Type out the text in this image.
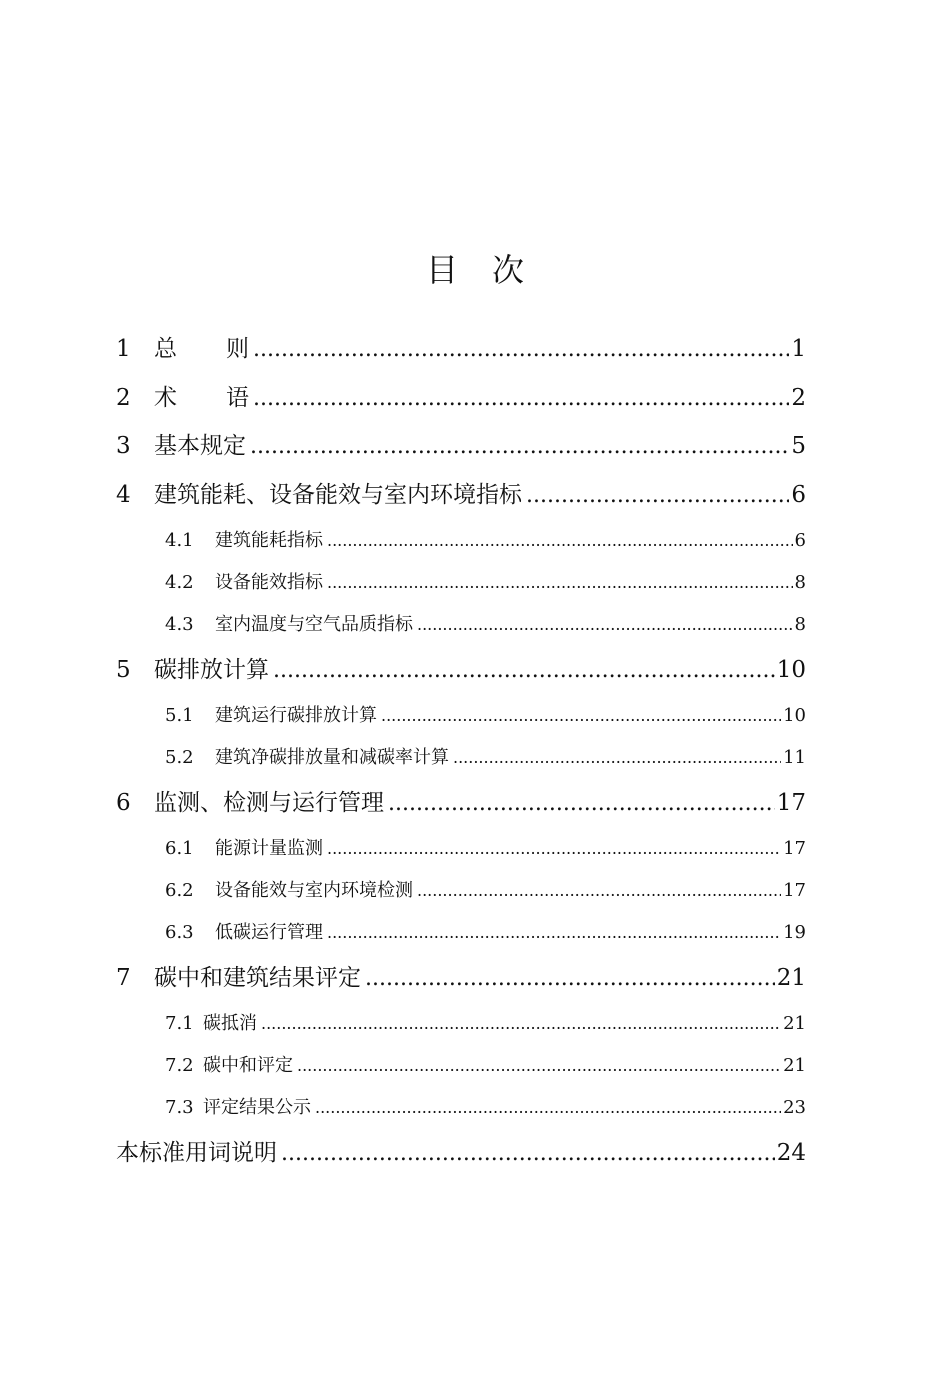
目 次
1	总 则 .....	1
2	术 语 .....	2
3	基本规定 .....	5
4	建筑能耗、设备能效与室内环境指标 .....	6
4.1	建筑能耗指标 .....	6
4.2	设备能效指标 .....	8
4.3	室内温度与空气品质指标 .....	8
5	碳排放计算 .....	10
5.1	建筑运行碳排放计算 .....	10
5.2	建筑净碳排放量和减碳率计算 .....	11
6	监测、检测与运行管理 .....	17
6.1	能源计量监测 .....	17
6.2	设备能效与室内环境检测 .....	17
6.3	低碳运行管理 .....	19
7	碳中和建筑结果评定 .....	21
7.1 碳抵消 .....	21
7.2 碳中和评定 .....	21
7.3 评定结果公示 .....	23
本标准用词说明 .....	24
